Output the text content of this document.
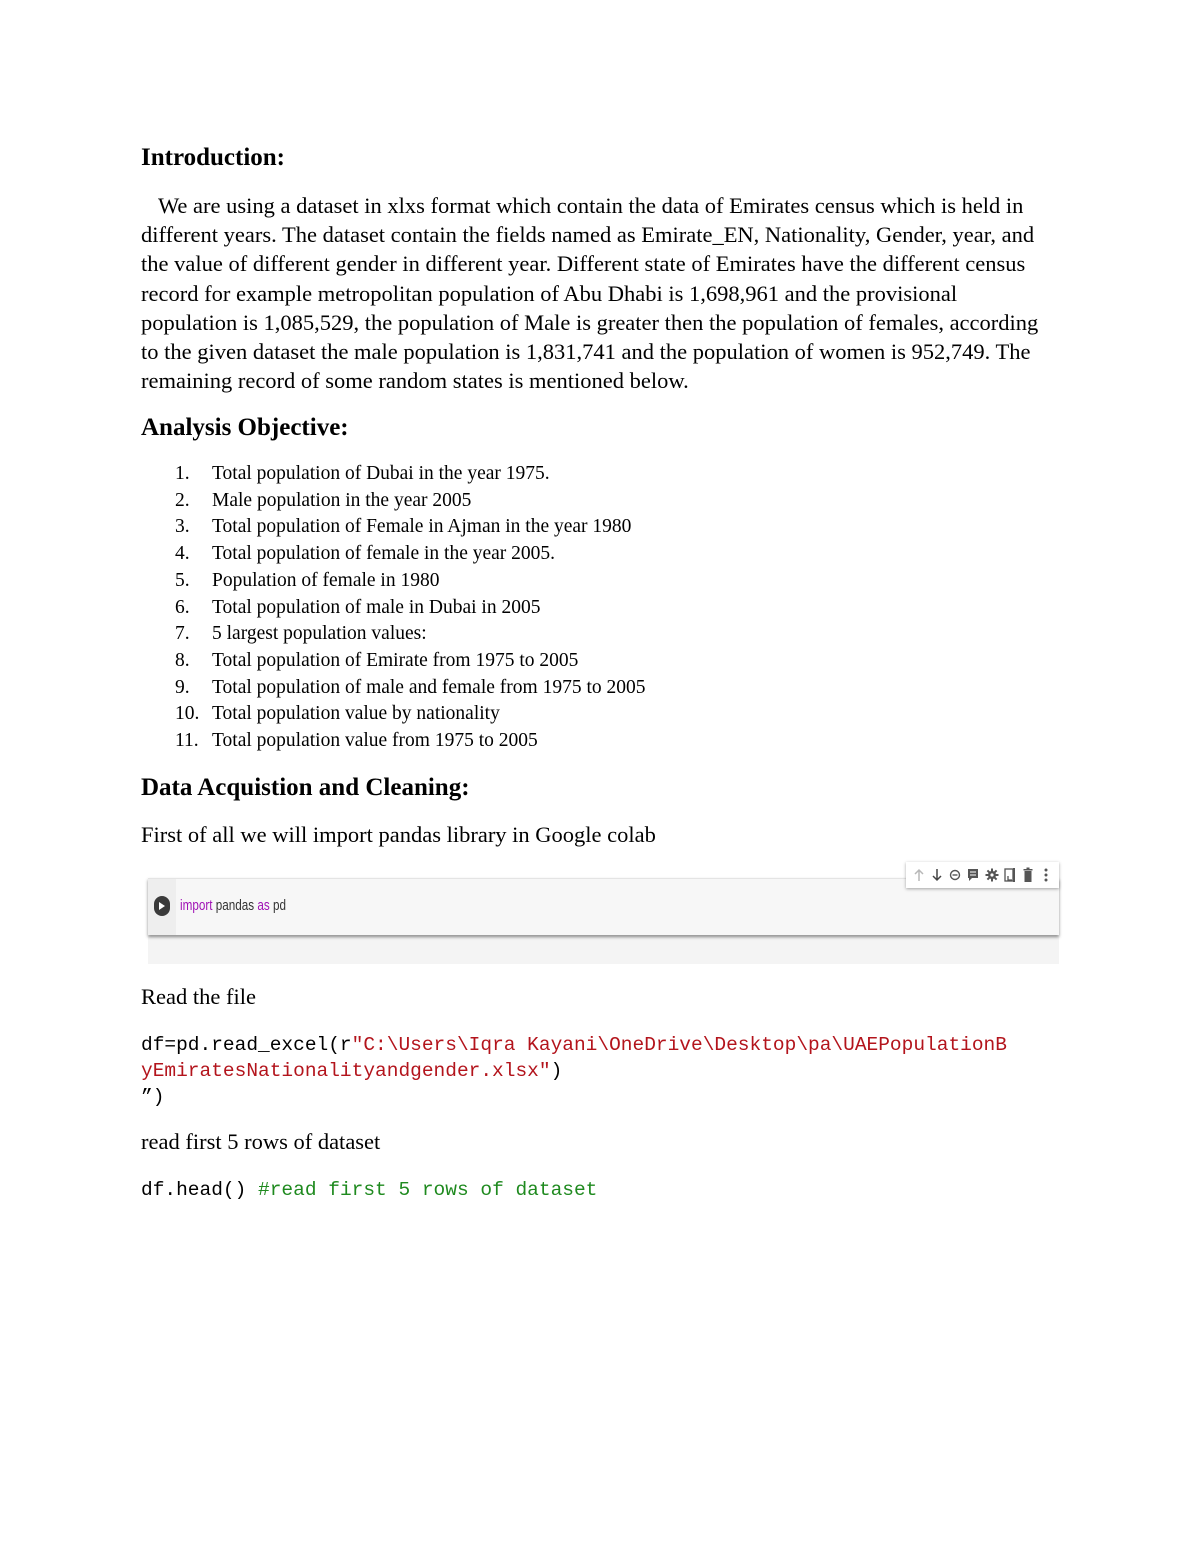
Introduction:

We are using a dataset in xlxs format which contain the data of Emirates census which is held in different years. The dataset contain the fields named as Emirate_EN, Nationality, Gender, year, and the value of different gender in different year. Different state of Emirates have the different census record for example metropolitan population of Abu Dhabi is 1,698,961 and the provisional population is 1,085,529, the population of Male is greater then the population of females, according to the given dataset the male population is 1,831,741 and the population of women is 952,749. The remaining record of some random states is mentioned below.

Analysis Objective:
1.	Total population of Dubai in the year 1975.
2.	Male population in the year 2005
3.	Total population of Female in Ajman in the year 1980
4.	Total population of female in the year 2005.
5.	Population of female in 1980
6.	Total population of male in Dubai in 2005
7.	5 largest population values:
8.	Total population of Emirate from 1975 to 2005
9.	Total population of male and female from 1975 to 2005
10. Total population value by nationality
11. Total population value from 1975 to 2005
Data Acquistion and Cleaning:

First of all we will import pandas library in Google colab

import pandas as pd

Read the file

df=pd.read_excel(r"C:\Users\Iqra Kayani\OneDrive\Desktop\pa\UAEPopulationB
yEmiratesNationalityandgender.xlsx")
”)

read first 5 rows of dataset

df.head() #read first 5 rows of dataset
